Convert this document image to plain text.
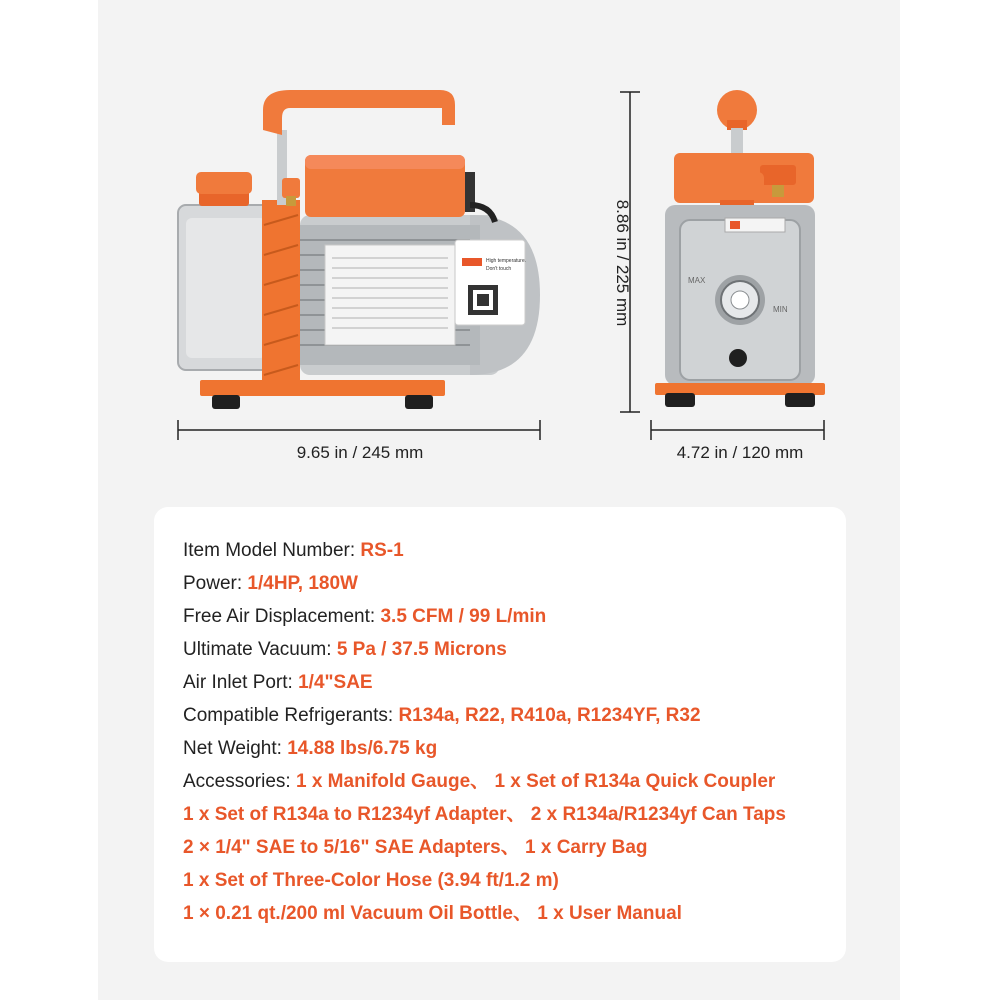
High temperature.
Don't touch
MAX
MIN
9.65 in / 245 mm	4.72 in / 120 mm
8.86 in / 225 mm
Item Model Number: RS-1
Power: 1/4HP, 180W
Free Air Displacement: 3.5 CFM / 99 L/min
Ultimate Vacuum: 5 Pa / 37.5 Microns
Air Inlet Port: 1/4"SAE
Compatible Refrigerants: R134a, R22, R410a, R1234YF, R32
Net Weight: 14.88 lbs/6.75 kg
Accessories: 1 x Manifold Gauge、 1 x Set of R134a Quick Coupler
1 x Set of R134a to R1234yf Adapter、 2 x R134a/R1234yf Can Taps
2 × 1/4" SAE to 5/16" SAE Adapters、 1 x Carry Bag
1 x Set of Three-Color Hose (3.94 ft/1.2 m)
1 × 0.21 qt./200 ml Vacuum Oil Bottle、 1 x User Manual
